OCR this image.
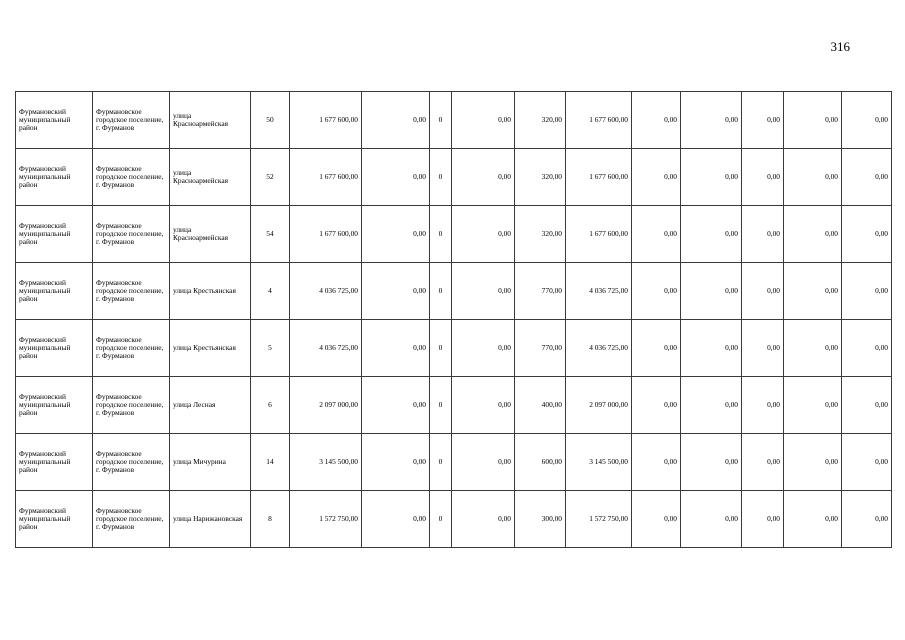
316
Фурмановский муниципальный район	Фурмановское городское поселение, г. Фурманов	улица Красноармейская	50	1 677 600,00	0,00	0	0,00	320,00	1 677 600,00	0,00	0,00	0,00	0,00	0,00
Фурмановский муниципальный район	Фурмановское городское поселение, г. Фурманов	улица Красноармейская	52	1 677 600,00	0,00	0	0,00	320,00	1 677 600,00	0,00	0,00	0,00	0,00	0,00
Фурмановский муниципальный район	Фурмановское городское поселение, г. Фурманов	улица Красноармейская	54	1 677 600,00	0,00	0	0,00	320,00	1 677 600,00	0,00	0,00	0,00	0,00	0,00
Фурмановский муниципальный район	Фурмановское городское поселение, г. Фурманов	улица Крестьянская	4	4 036 725,00	0,00	0	0,00	770,00	4 036 725,00	0,00	0,00	0,00	0,00	0,00
Фурмановский муниципальный район	Фурмановское городское поселение, г. Фурманов	улица Крестьянская	5	4 036 725,00	0,00	0	0,00	770,00	4 036 725,00	0,00	0,00	0,00	0,00	0,00
Фурмановский муниципальный район	Фурмановское городское поселение, г. Фурманов	улица Лесная	6	2 097 000,00	0,00	0	0,00	400,00	2 097 000,00	0,00	0,00	0,00	0,00	0,00
Фурмановский муниципальный район	Фурмановское городское поселение, г. Фурманов	улица Мичурина	14	3 145 500,00	0,00	0	0,00	600,00	3 145 500,00	0,00	0,00	0,00	0,00	0,00
Фурмановский муниципальный район	Фурмановское городское поселение, г. Фурманов	улица Нарижановская	8	1 572 750,00	0,00	0	0,00	300,00	1 572 750,00	0,00	0,00	0,00	0,00	0,00
